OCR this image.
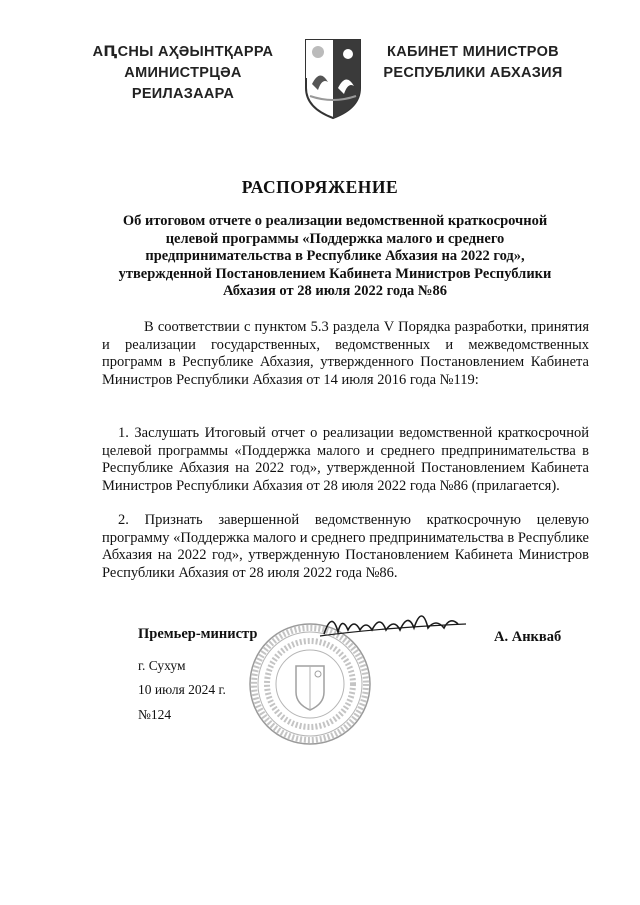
АԤСНЫ АҲӘЫНТҚАРРА
АМИНИСТРЦӘА РЕИЛАЗААРА
КАБИНЕТ МИНИСТРОВ
РЕСПУБЛИКИ АБХАЗИЯ
РАСПОРЯЖЕНИЕ
Об итоговом отчете о реализации ведомственной краткосрочной целевой программы «Поддержка малого и среднего предпринимательства в Республике Абхазия на 2022 год», утвержденной Постановлением Кабинета Министров Республики Абхазия от 28 июля 2022 года №86
В соответствии с пунктом 5.3 раздела V Порядка разработки, принятия и реализации государственных, ведомственных и межведомственных программ в Республике Абхазия, утвержденного Постановлением Кабинета Министров Республики Абхазия от 14 июля 2016 года №119:
1. Заслушать Итоговый отчет о реализации ведомственной краткосрочной целевой программы «Поддержка малого и среднего предпринимательства в Республике Абхазия на 2022 год», утвержденной Постановлением Кабинета Министров Республики Абхазия от 28 июля 2022 года №86 (прилагается).
2. Признать завершенной ведомственную краткосрочную целевую программу «Поддержка малого и среднего предпринимательства в Республике Абхазия на 2022 год», утвержденную Постановлением Кабинета Министров Республики Абхазия от 28 июля 2022 года №86.
Премьер-министр	А. Анкваб
г. Сухум
10 июля 2024 г.
№124
